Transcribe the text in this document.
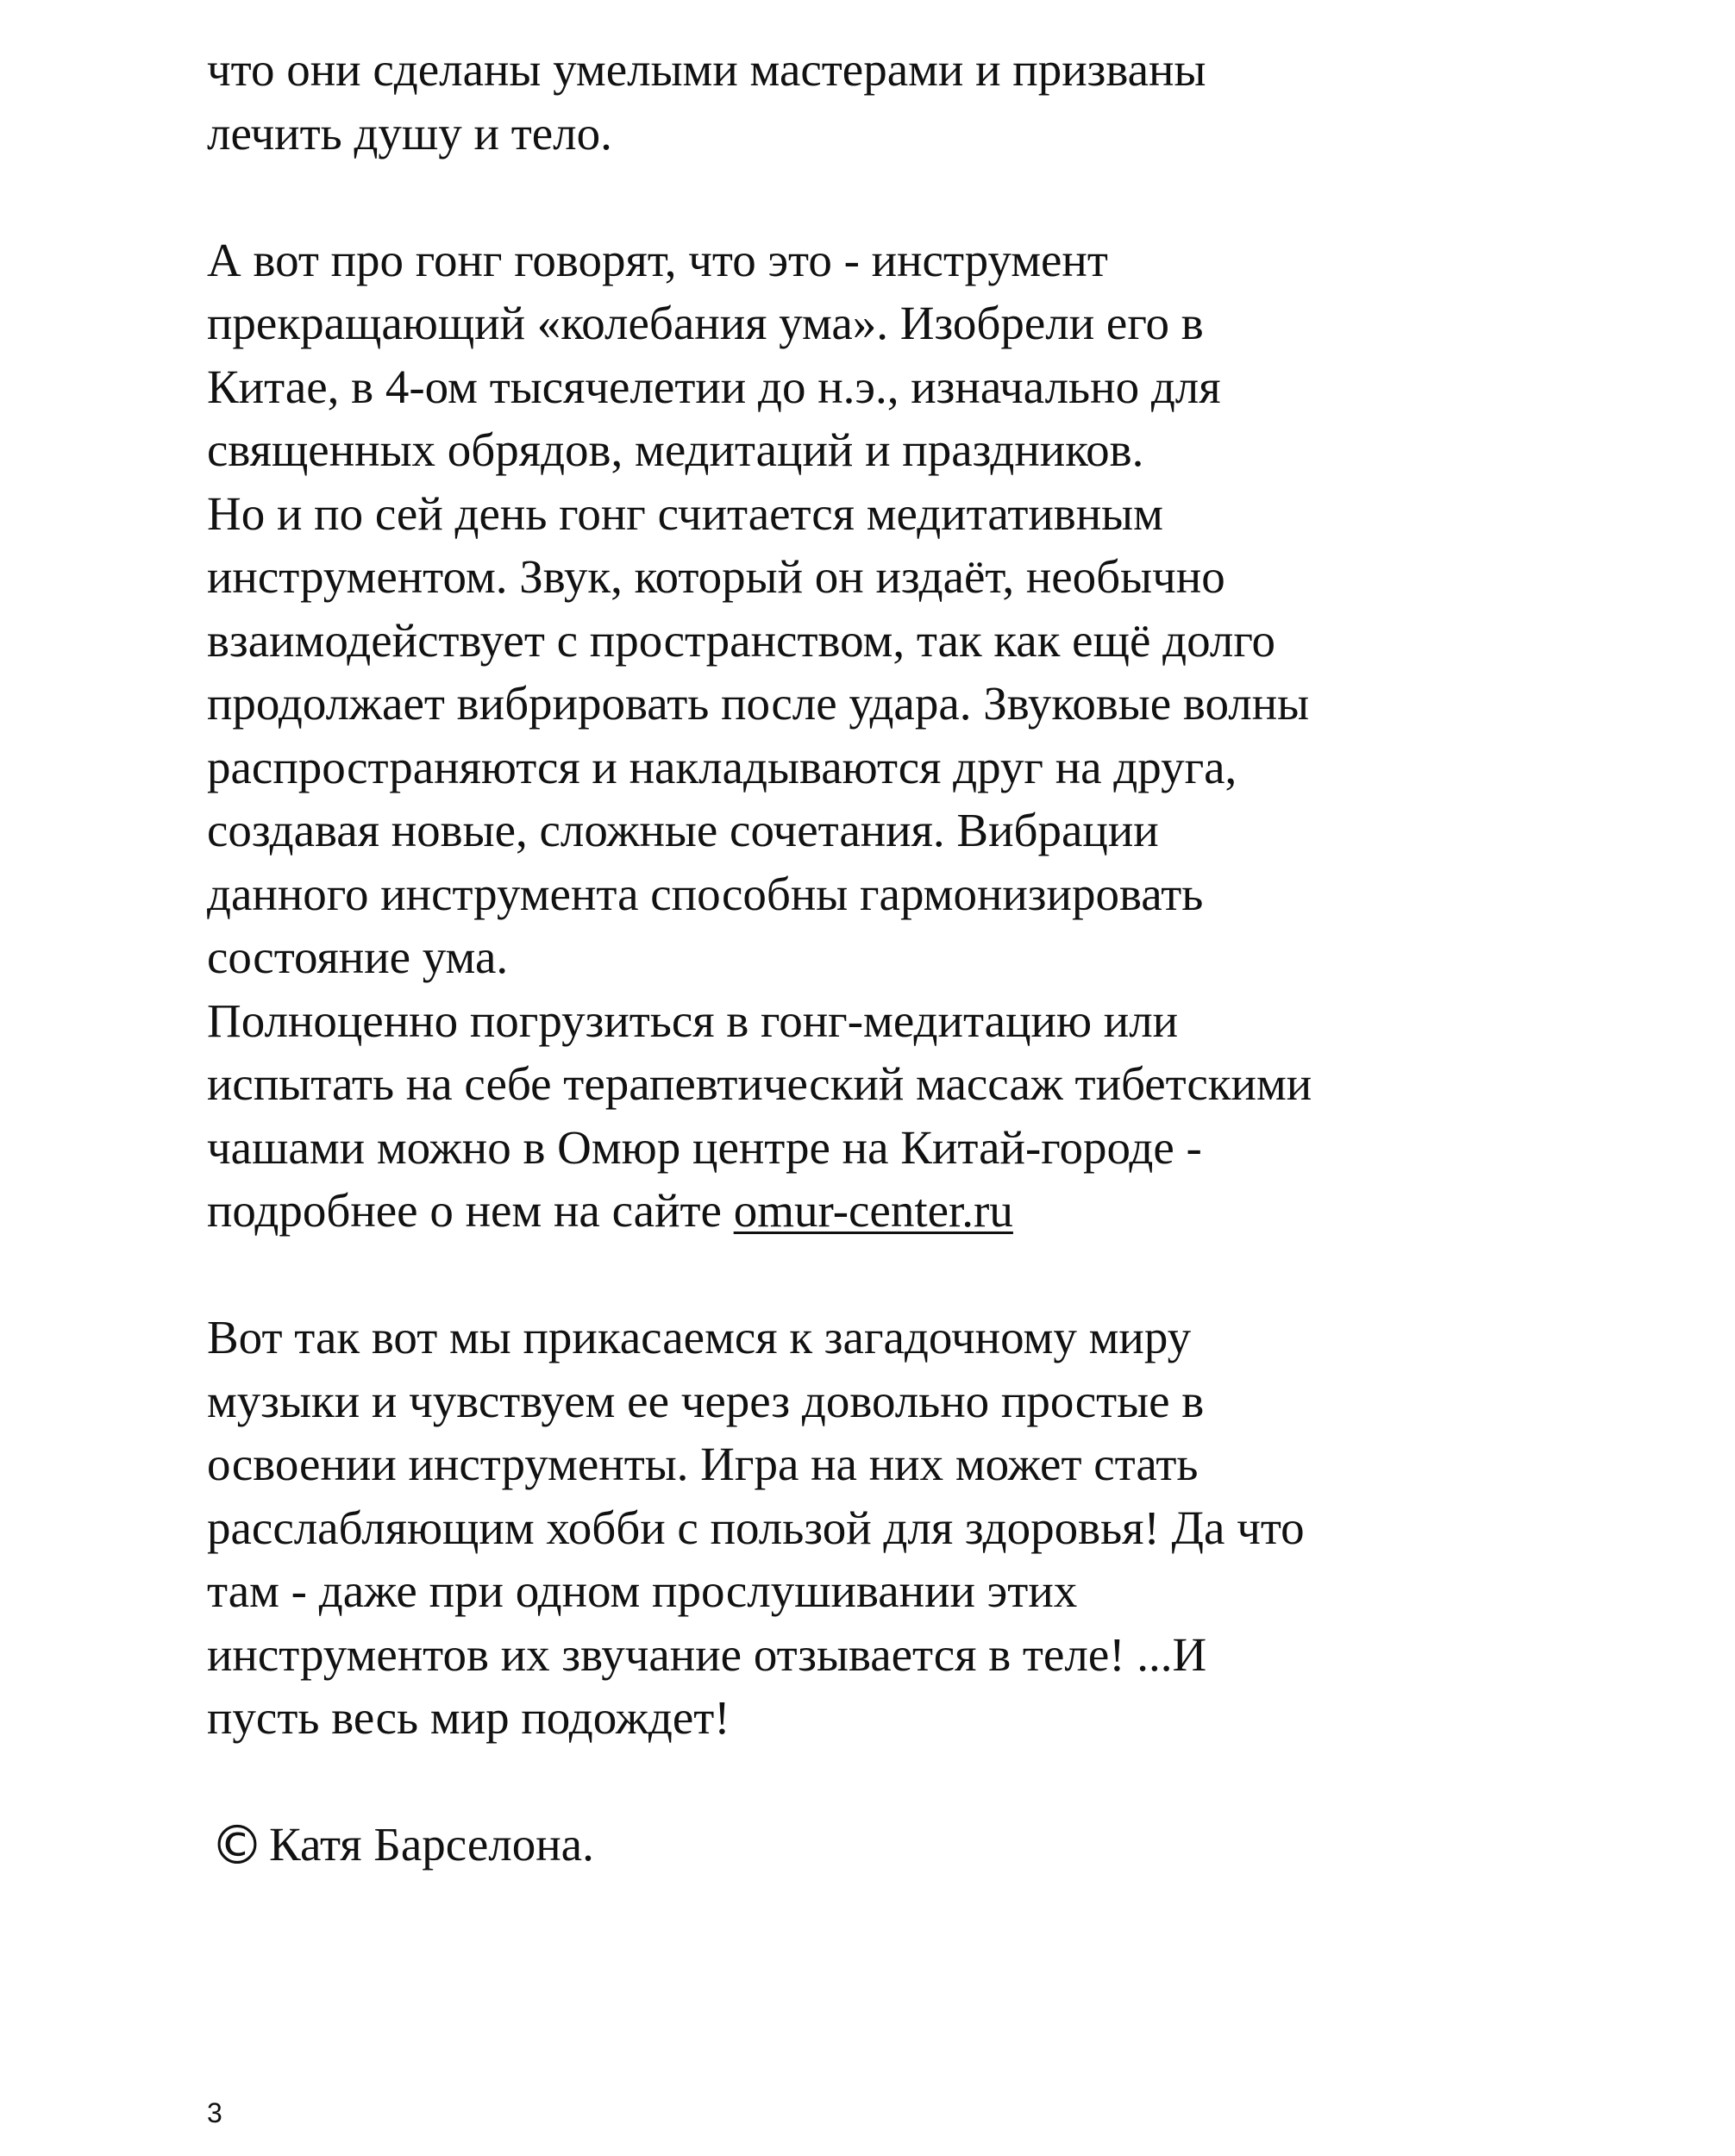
что они сделаны умелыми мастерами и призваны
лечить душу и тело.
А вот про гонг говорят, что это - инструмент
прекращающий «колебания ума». Изобрели его в
Китае, в 4-ом тысячелетии до н.э., изначально для
священных обрядов, медитаций и праздников.
Но и по сей день гонг считается медитативным
инструментом. Звук, который он издаёт, необычно
взаимодействует с пространством, так как ещё долго
продолжает вибрировать после удара. Звуковые волны
распространяются и накладываются друг на друга,
создавая новые, сложные сочетания. Вибрации
данного инструмента способны гармонизировать
состояние ума.
Полноценно погрузиться в гонг-медитацию или
испытать на себе терапевтический массаж тибетскими
чашами можно в Омюр центре на Китай-городе -
подробнее о нем на сайте omur-center.ru
Вот так вот мы прикасаемся к загадочному миру
музыки и чувствуем ее через довольно простые в
освоении инструменты. Игра на них может стать
расслабляющим хобби с пользой для здоровья! Да что
там - даже при одном прослушивании этих
инструментов их звучание отзывается в теле! ...И
пусть весь мир подождет!
© Катя Барселона.
3
